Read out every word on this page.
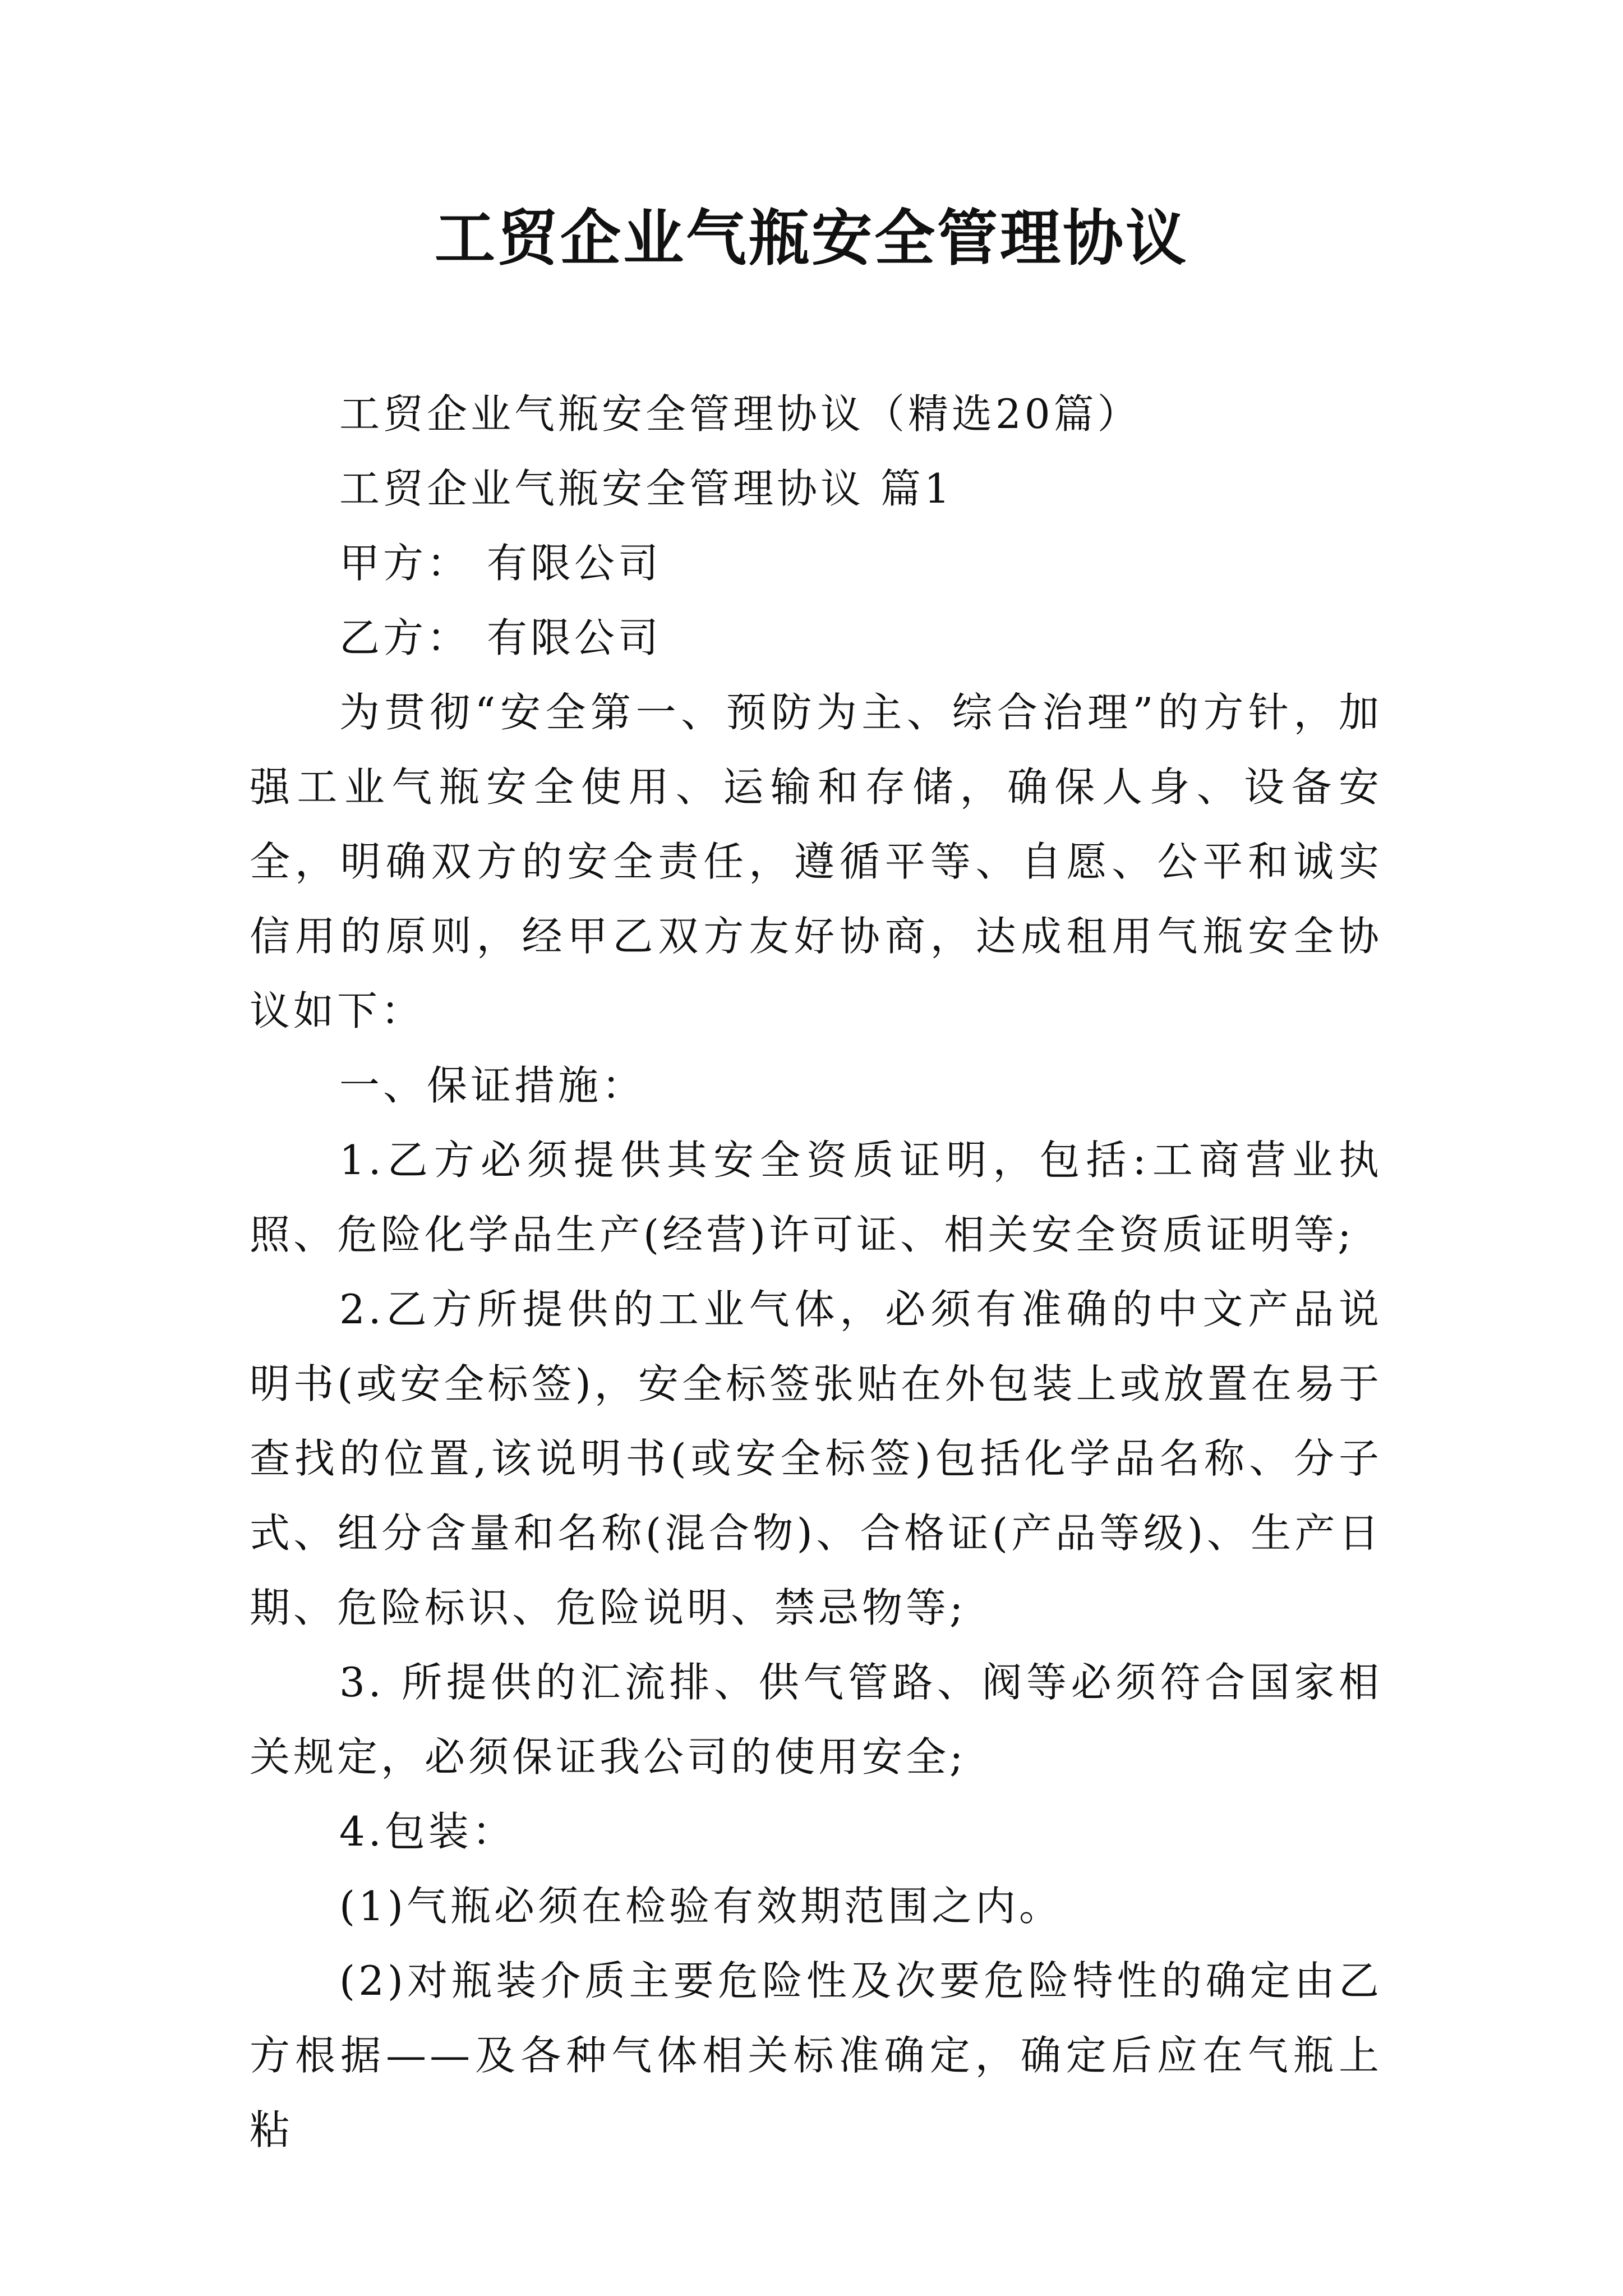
工贸企业气瓶安全管理协议

工贸企业气瓶安全管理协议（精选20篇）

工贸企业气瓶安全管理协议 篇1

甲方： 有限公司

乙方： 有限公司

为贯彻“安全第一、预防为主、综合治理”的方针，加强工业气瓶安全使用、运输和存储，确保人身、设备安全，明确双方的安全责任，遵循平等、自愿、公平和诚实信用的原则，经甲乙双方友好协商，达成租用气瓶安全协议如下：

一、保证措施：

1.乙方必须提供其安全资质证明，包括:工商营业执照、危险化学品生产(经营)许可证、相关安全资质证明等;

2.乙方所提供的工业气体，必须有准确的中文产品说明书(或安全标签)，安全标签张贴在外包装上或放置在易于查找的位置,该说明书(或安全标签)包括化学品名称、分子式、组分含量和名称(混合物)、合格证(产品等级)、生产日期、危险标识、危险说明、禁忌物等;

3. 所提供的汇流排、供气管路、阀等必须符合国家相关规定，必须保证我公司的使用安全;

4.包装：

(1)气瓶必须在检验有效期范围之内。

(2)对瓶装介质主要危险性及次要危险特性的确定由乙方根据——及各种气体相关标准确定，确定后应在气瓶上粘
